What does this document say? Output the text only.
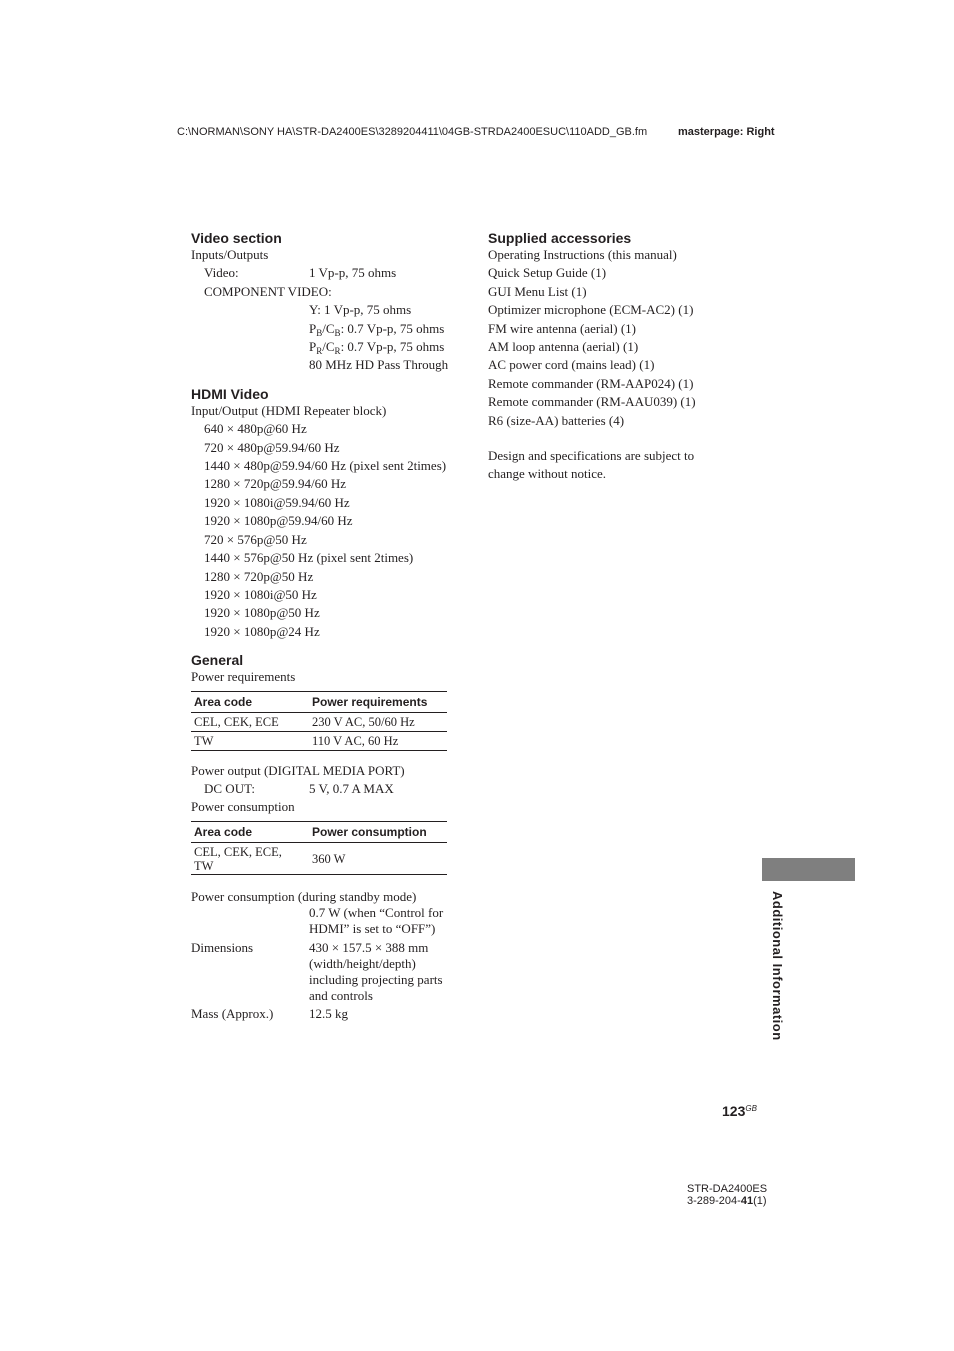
C:\NORMAN\SONY HA\STR-DA2400ES\3289204411\04GB-STRDA2400ESUC\110ADD_GB.fm	masterpage: Right
Video section
Inputs/Outputs
Video:	1 Vp-p, 75 ohms
COMPONENT VIDEO:
Y: 1 Vp-p, 75 ohms
$P_B/C_B$: 0.7 Vp-p, 75 ohms
$P_R/C_R$: 0.7 Vp-p, 75 ohms
80 MHz HD Pass Through
HDMI Video
Input/Output (HDMI Repeater block)
640 × 480p@60 Hz
720 × 480p@59.94/60 Hz
1440 × 480p@59.94/60 Hz (pixel sent 2times)
1280 × 720p@59.94/60 Hz
1920 × 1080i@59.94/60 Hz
1920 × 1080p@59.94/60 Hz
720 × 576p@50 Hz
1440 × 576p@50 Hz (pixel sent 2times)
1280 × 720p@50 Hz
1920 × 1080i@50 Hz
1920 × 1080p@50 Hz
1920 × 1080p@24 Hz
General
Power requirements
Area code	Power requirements
CEL, CEK, ECE	230 V AC, 50/60 Hz
TW	110 V AC, 60 Hz
Power output (DIGITAL MEDIA PORT)
DC OUT:	5 V, 0.7 A MAX
Power consumption
Area code	Power consumption
CEL, CEK, ECE, TW	360 W
Power consumption (during standby mode)
0.7 W (when “Control for
HDMI” is set to “OFF”)
Dimensions	430 × 157.5 × 388 mm
(width/height/depth)
including projecting parts
and controls
Mass (Approx.)	12.5 kg
Supplied accessories
Operating Instructions (this manual)
Quick Setup Guide (1)
GUI Menu List (1)
Optimizer microphone (ECM-AC2) (1)
FM wire antenna (aerial) (1)
AM loop antenna (aerial) (1)
AC power cord (mains lead) (1)
Remote commander (RM-AAP024) (1)
Remote commander (RM-AAU039) (1)
R6 (size-AA) batteries (4)
Design and specifications are subject to
change without notice.
Additional Information
$123^{GB}$
STR-DA2400ES
3-289-204-41(1)
